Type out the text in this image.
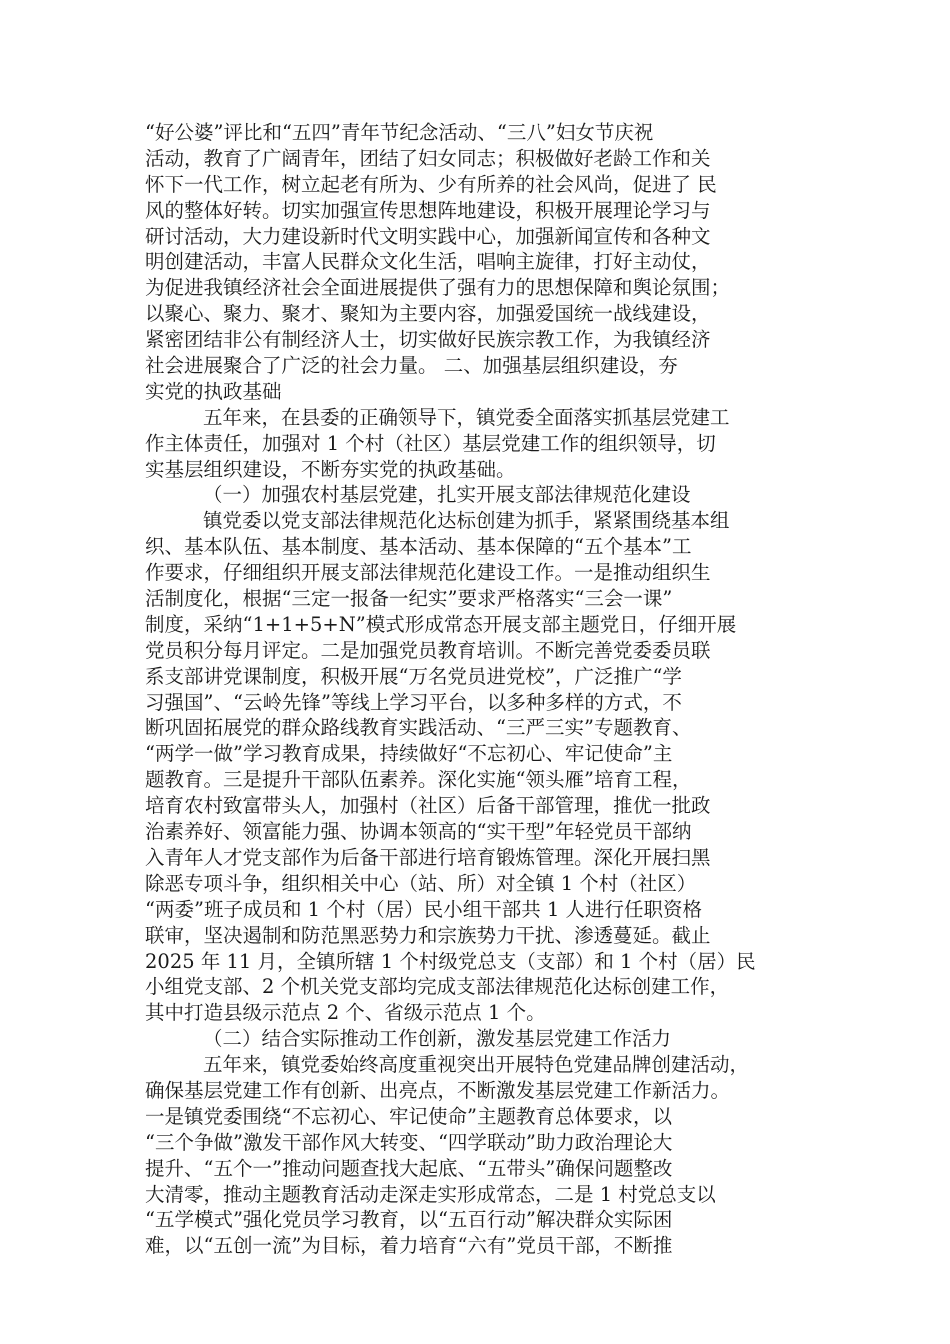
“好公婆”评比和“五四”青年节纪念活动、“三八”妇女节庆祝
活动，教育了广阔青年，团结了妇女同志；积极做好老龄工作和关
怀下一代工作，树立起老有所为、少有所养的社会风尚，促进了 民
风的整体好转。切实加强宣传思想阵地建设，积极开展理论学习与
研讨活动，大力建设新时代文明实践中心，加强新闻宣传和各种文
明创建活动，丰富人民群众文化生活，唱响主旋律，打好主动仗，
为促进我镇经济社会全面进展提供了强有力的思想保障和舆论氛围；
以聚心、聚力、聚才、聚知为主要内容，加强爱国统一战线建设，
紧密团结非公有制经济人士，切实做好民族宗教工作，为我镇经济
社会进展聚合了广泛的社会力量。 二、加强基层组织建设，夯
实党的执政基础
五年来，在县委的正确领导下，镇党委全面落实抓基层党建工
作主体责任，加强对 1 个村（社区）基层党建工作的组织领导，切
实基层组织建设，不断夯实党的执政基础。
（一）加强农村基层党建，扎实开展支部法律规范化建设
镇党委以党支部法律规范化达标创建为抓手，紧紧围绕基本组
织、基本队伍、基本制度、基本活动、基本保障的“五个基本”工
作要求，仔细组织开展支部法律规范化建设工作。一是推动组织生
活制度化，根据“三定一报备一纪实”要求严格落实“三会一课”
制度，采纳“1+1+5+N”模式形成常态开展支部主题党日，仔细开展
党员积分每月评定。二是加强党员教育培训。不断完善党委委员联
系支部讲党课制度，积极开展“万名党员进党校”，广泛推广“学
习强国”、“云岭先锋”等线上学习平台，以多种多样的方式，不
断巩固拓展党的群众路线教育实践活动、“三严三实”专题教育、
“两学一做”学习教育成果，持续做好“不忘初心、牢记使命”主
题教育。三是提升干部队伍素养。深化实施“领头雁”培育工程，
培育农村致富带头人，加强村（社区）后备干部管理，推优一批政
治素养好、领富能力强、协调本领高的“实干型”年轻党员干部纳
入青年人才党支部作为后备干部进行培育锻炼管理。深化开展扫黑
除恶专项斗争，组织相关中心（站、所）对全镇 1 个村（社区）
“两委”班子成员和 1 个村（居）民小组干部共 1 人进行任职资格
联审，坚决遏制和防范黑恶势力和宗族势力干扰、渗透蔓延。截止
2025 年 11 月，全镇所辖 1 个村级党总支（支部）和 1 个村（居）民
小组党支部、2 个机关党支部均完成支部法律规范化达标创建工作，
其中打造县级示范点 2 个、省级示范点 1 个。
（二）结合实际推动工作创新，激发基层党建工作活力
五年来，镇党委始终高度重视突出开展特色党建品牌创建活动，
确保基层党建工作有创新、出亮点，不断激发基层党建工作新活力。
一是镇党委围绕“不忘初心、牢记使命”主题教育总体要求，以
“三个争做”激发干部作风大转变、“四学联动”助力政治理论大
提升、“五个一”推动问题查找大起底、“五带头”确保问题整改
大清零，推动主题教育活动走深走实形成常态，二是 1 村党总支以
“五学模式”强化党员学习教育，以“五百行动”解决群众实际困
难，以“五创一流”为目标，着力培育“六有”党员干部，不断推
